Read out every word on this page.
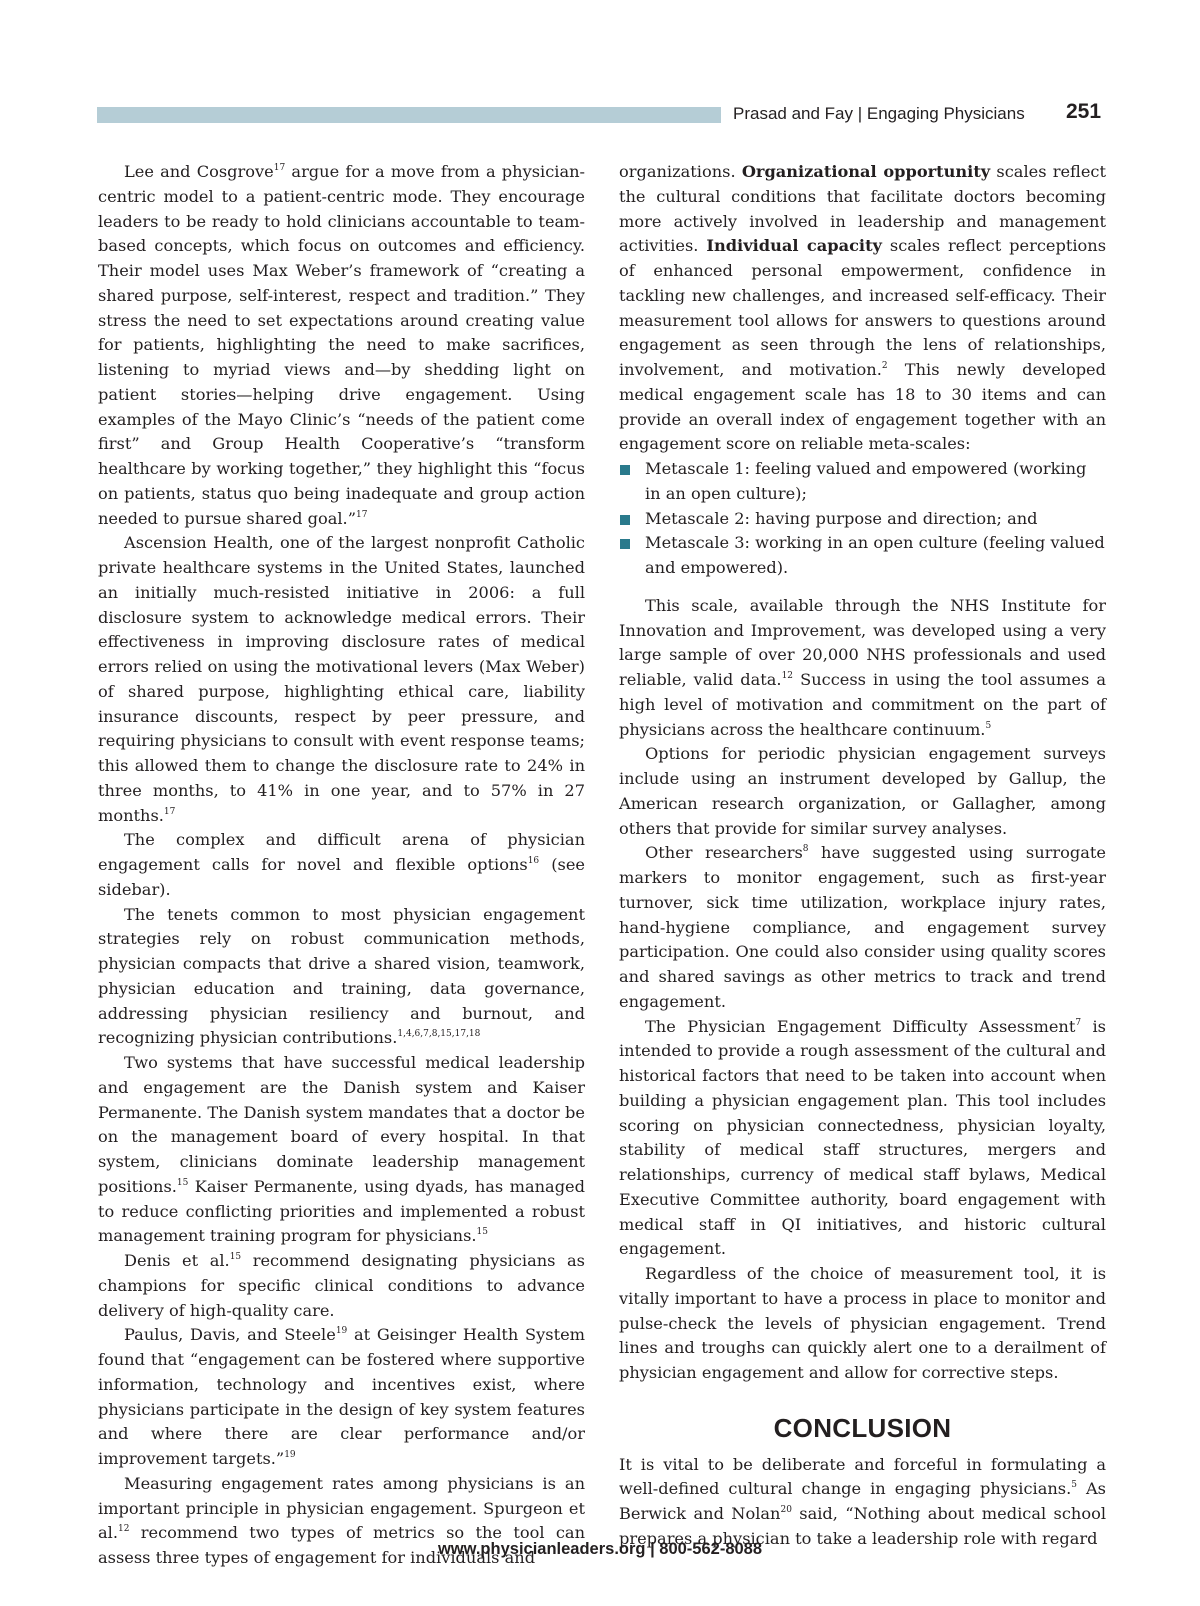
Prasad and Fay | Engaging Physicians 251

Lee and Cosgrove$^{17}$ argue for a move from a physician-centric model to a patient-centric mode. They encourage leaders to be ready to hold clinicians accountable to team-based concepts, which focus on outcomes and efficiency. Their model uses Max Weber’s framework of “creating a shared purpose, self-interest, respect and tradition.” They stress the need to set expectations around creating value for patients, highlighting the need to make sacrifices, listening to myriad views and—by shedding light on patient stories—helping drive engagement. Using examples of the Mayo Clinic’s “needs of the patient come first” and Group Health Cooperative’s “transform healthcare by working together,” they highlight this “focus on patients, status quo being inadequate and group action needed to pursue shared goal.”$^{17}$

Ascension Health, one of the largest nonprofit Catholic private healthcare systems in the United States, launched an initially much-resisted initiative in 2006: a full disclosure system to acknowledge medical errors. Their effectiveness in improving disclosure rates of medical errors relied on using the motivational levers (Max Weber) of shared purpose, highlighting ethical care, liability insurance discounts, respect by peer pressure, and requiring physicians to consult with event response teams; this allowed them to change the disclosure rate to 24% in three months, to 41% in one year, and to 57% in 27 months.$^{17}$

The complex and difficult arena of physician engagement calls for novel and flexible options$^{16}$ (see sidebar).

The tenets common to most physician engagement strategies rely on robust communication methods, physician compacts that drive a shared vision, teamwork, physician education and training, data governance, addressing physician resiliency and burnout, and recognizing physician contributions.$^{1,4,6,7,8,15,17,18}$

Two systems that have successful medical leadership and engagement are the Danish system and Kaiser Permanente. The Danish system mandates that a doctor be on the management board of every hospital. In that system, clinicians dominate leadership management positions.$^{15}$ Kaiser Permanente, using dyads, has managed to reduce conflicting priorities and implemented a robust management training program for physicians.$^{15}$

Denis et al.$^{15}$ recommend designating physicians as champions for specific clinical conditions to advance delivery of high-quality care.

Paulus, Davis, and Steele$^{19}$ at Geisinger Health System found that “engagement can be fostered where supportive information, technology and incentives exist, where physicians participate in the design of key system features and where there are clear performance and/or improvement targets.”$^{19}$

Measuring engagement rates among physicians is an important principle in physician engagement. Spurgeon et al.$^{12}$ recommend two types of metrics so the tool can assess three types of engagement for individuals and

organizations. Organizational opportunity scales reflect the cultural conditions that facilitate doctors becoming more actively involved in leadership and management activities. Individual capacity scales reflect perceptions of enhanced personal empowerment, confidence in tackling new challenges, and increased self-efficacy. Their measurement tool allows for answers to questions around engagement as seen through the lens of relationships, involvement, and motivation.$^2$ This newly developed medical engagement scale has 18 to 30 items and can provide an overall index of engagement together with an engagement score on reliable meta-scales:

Metascale 1: feeling valued and empowered (working in an open culture);
Metascale 2: having purpose and direction; and
Metascale 3: working in an open culture (feeling valued and empowered).

This scale, available through the NHS Institute for Innovation and Improvement, was developed using a very large sample of over 20,000 NHS professionals and used reliable, valid data.$^{12}$ Success in using the tool assumes a high level of motivation and commitment on the part of physicians across the healthcare continuum.$^5$

Options for periodic physician engagement surveys include using an instrument developed by Gallup, the American research organization, or Gallagher, among others that provide for similar survey analyses.

Other researchers$^8$ have suggested using surrogate markers to monitor engagement, such as first-year turnover, sick time utilization, workplace injury rates, hand-hygiene compliance, and engagement survey participation. One could also consider using quality scores and shared savings as other metrics to track and trend engagement.

The Physician Engagement Difficulty Assessment$^7$ is intended to provide a rough assessment of the cultural and historical factors that need to be taken into account when building a physician engagement plan. This tool includes scoring on physician connectedness, physician loyalty, stability of medical staff structures, mergers and relationships, currency of medical staff bylaws, Medical Executive Committee authority, board engagement with medical staff in QI initiatives, and historic cultural engagement.

Regardless of the choice of measurement tool, it is vitally important to have a process in place to monitor and pulse-check the levels of physician engagement. Trend lines and troughs can quickly alert one to a derailment of physician engagement and allow for corrective steps.

CONCLUSION

It is vital to be deliberate and forceful in formulating a well-defined cultural change in engaging physicians.$^5$ As Berwick and Nolan$^{20}$ said, “Nothing about medical school prepares a physician to take a leadership role with regard

www.physicianleaders.org | 800-562-8088
